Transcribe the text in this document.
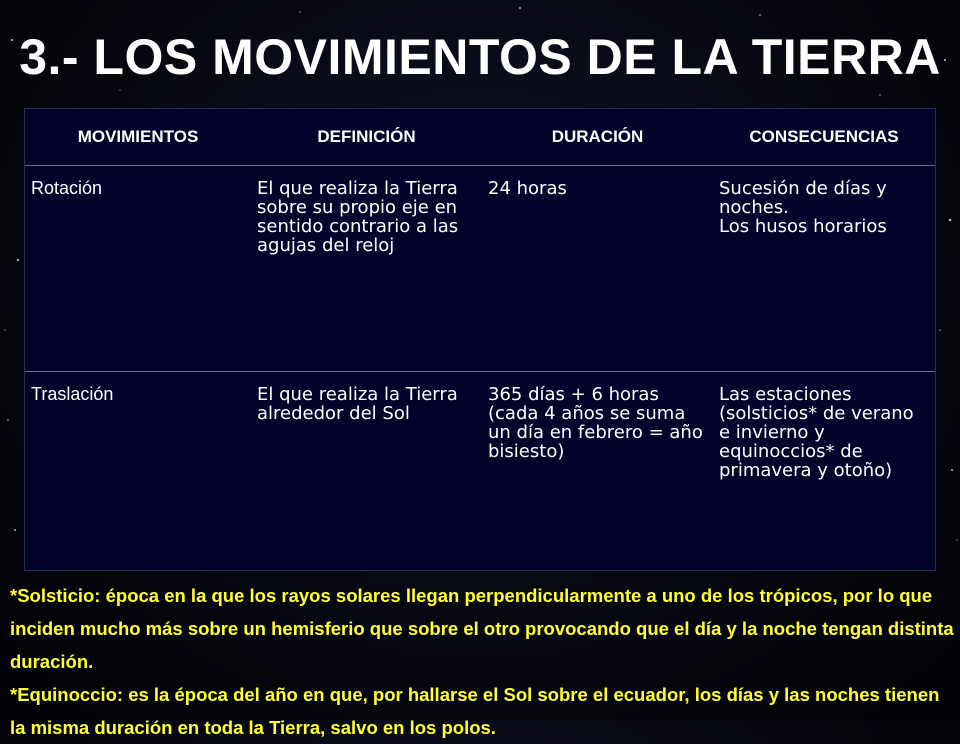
3.- LOS MOVIMIENTOS DE LA TIERRA
MOVIMIENTOS	DEFINICIÓN	DURACIÓN	CONSECUENCIAS
Rotación	El que realiza la Tierra sobre su propio eje en sentido contrario a las agujas del reloj	24 horas	Sucesión de días y noches.
Los husos horarios

Traslación	El que realiza la Tierra alrededor del Sol	365 días + 6 horas (cada 4 años se suma un día en febrero = año bisiesto)	Las estaciones (solsticios* de verano e invierno y equinoccios* de primavera y otoño)

*Solsticio: época en la que los rayos solares llegan perpendicularmente a uno de los trópicos, por lo que inciden mucho más sobre un hemisferio que sobre el otro provocando que el día y la noche tengan distinta duración.

*Equinoccio: es la época del año en que, por hallarse el Sol sobre el ecuador, los días y las noches tienen la misma duración en toda la Tierra, salvo en los polos.
